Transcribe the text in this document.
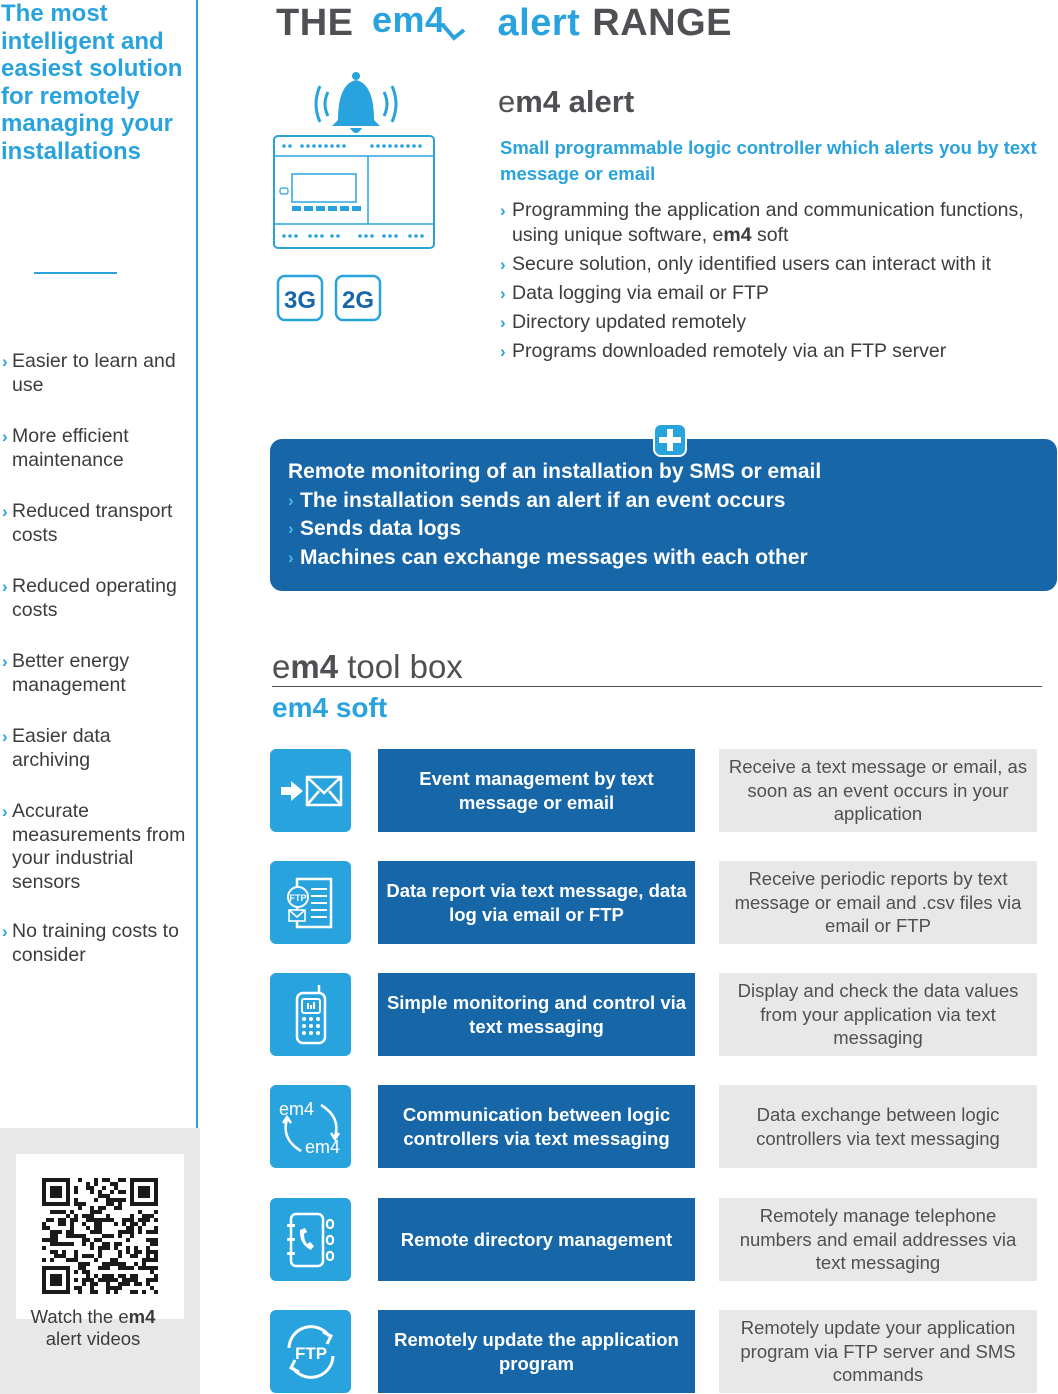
The most intelligent and easiest solution for remotely managing your installations
› Easier to learn and use
› More efficient maintenance
› Reduced transport costs
› Reduced operating costs
› Better energy management
› Easier data archiving
› Accurate measurements from your industrial sensors
› No training costs to consider
Watch the em4
alert videos
THE em4 alert RANGE
3G 2G
em4 alert
Small programmable logic controller which alerts you by text message or email
› Programming the application and communication functions, using unique software, em4 soft
› Secure solution, only identified users can interact with it
› Data logging via email or FTP
› Directory updated remotely
› Programs downloaded remotely via an FTP server
Remote monitoring of an installation by SMS or email
› The installation sends an alert if an event occurs
› Sends data logs
› Machines can exchange messages with each other
em4 tool box
em4 soft
Event management by text message or email
Receive a text message or email, as soon as an event occurs in your application
FTP	Data report via text message, data log via email or FTP
Receive periodic reports by text message or email and .csv files via email or FTP
Simple monitoring and control via text messaging
Display and check the data values from your application via text messaging
em4
em4
Communication between logic controllers via text messaging
Data exchange between logic controllers via text messaging
Remote directory management
Remotely manage telephone numbers and email addresses via text messaging
FTP
Remotely update the application program
Remotely update your application program via FTP server and SMS commands
